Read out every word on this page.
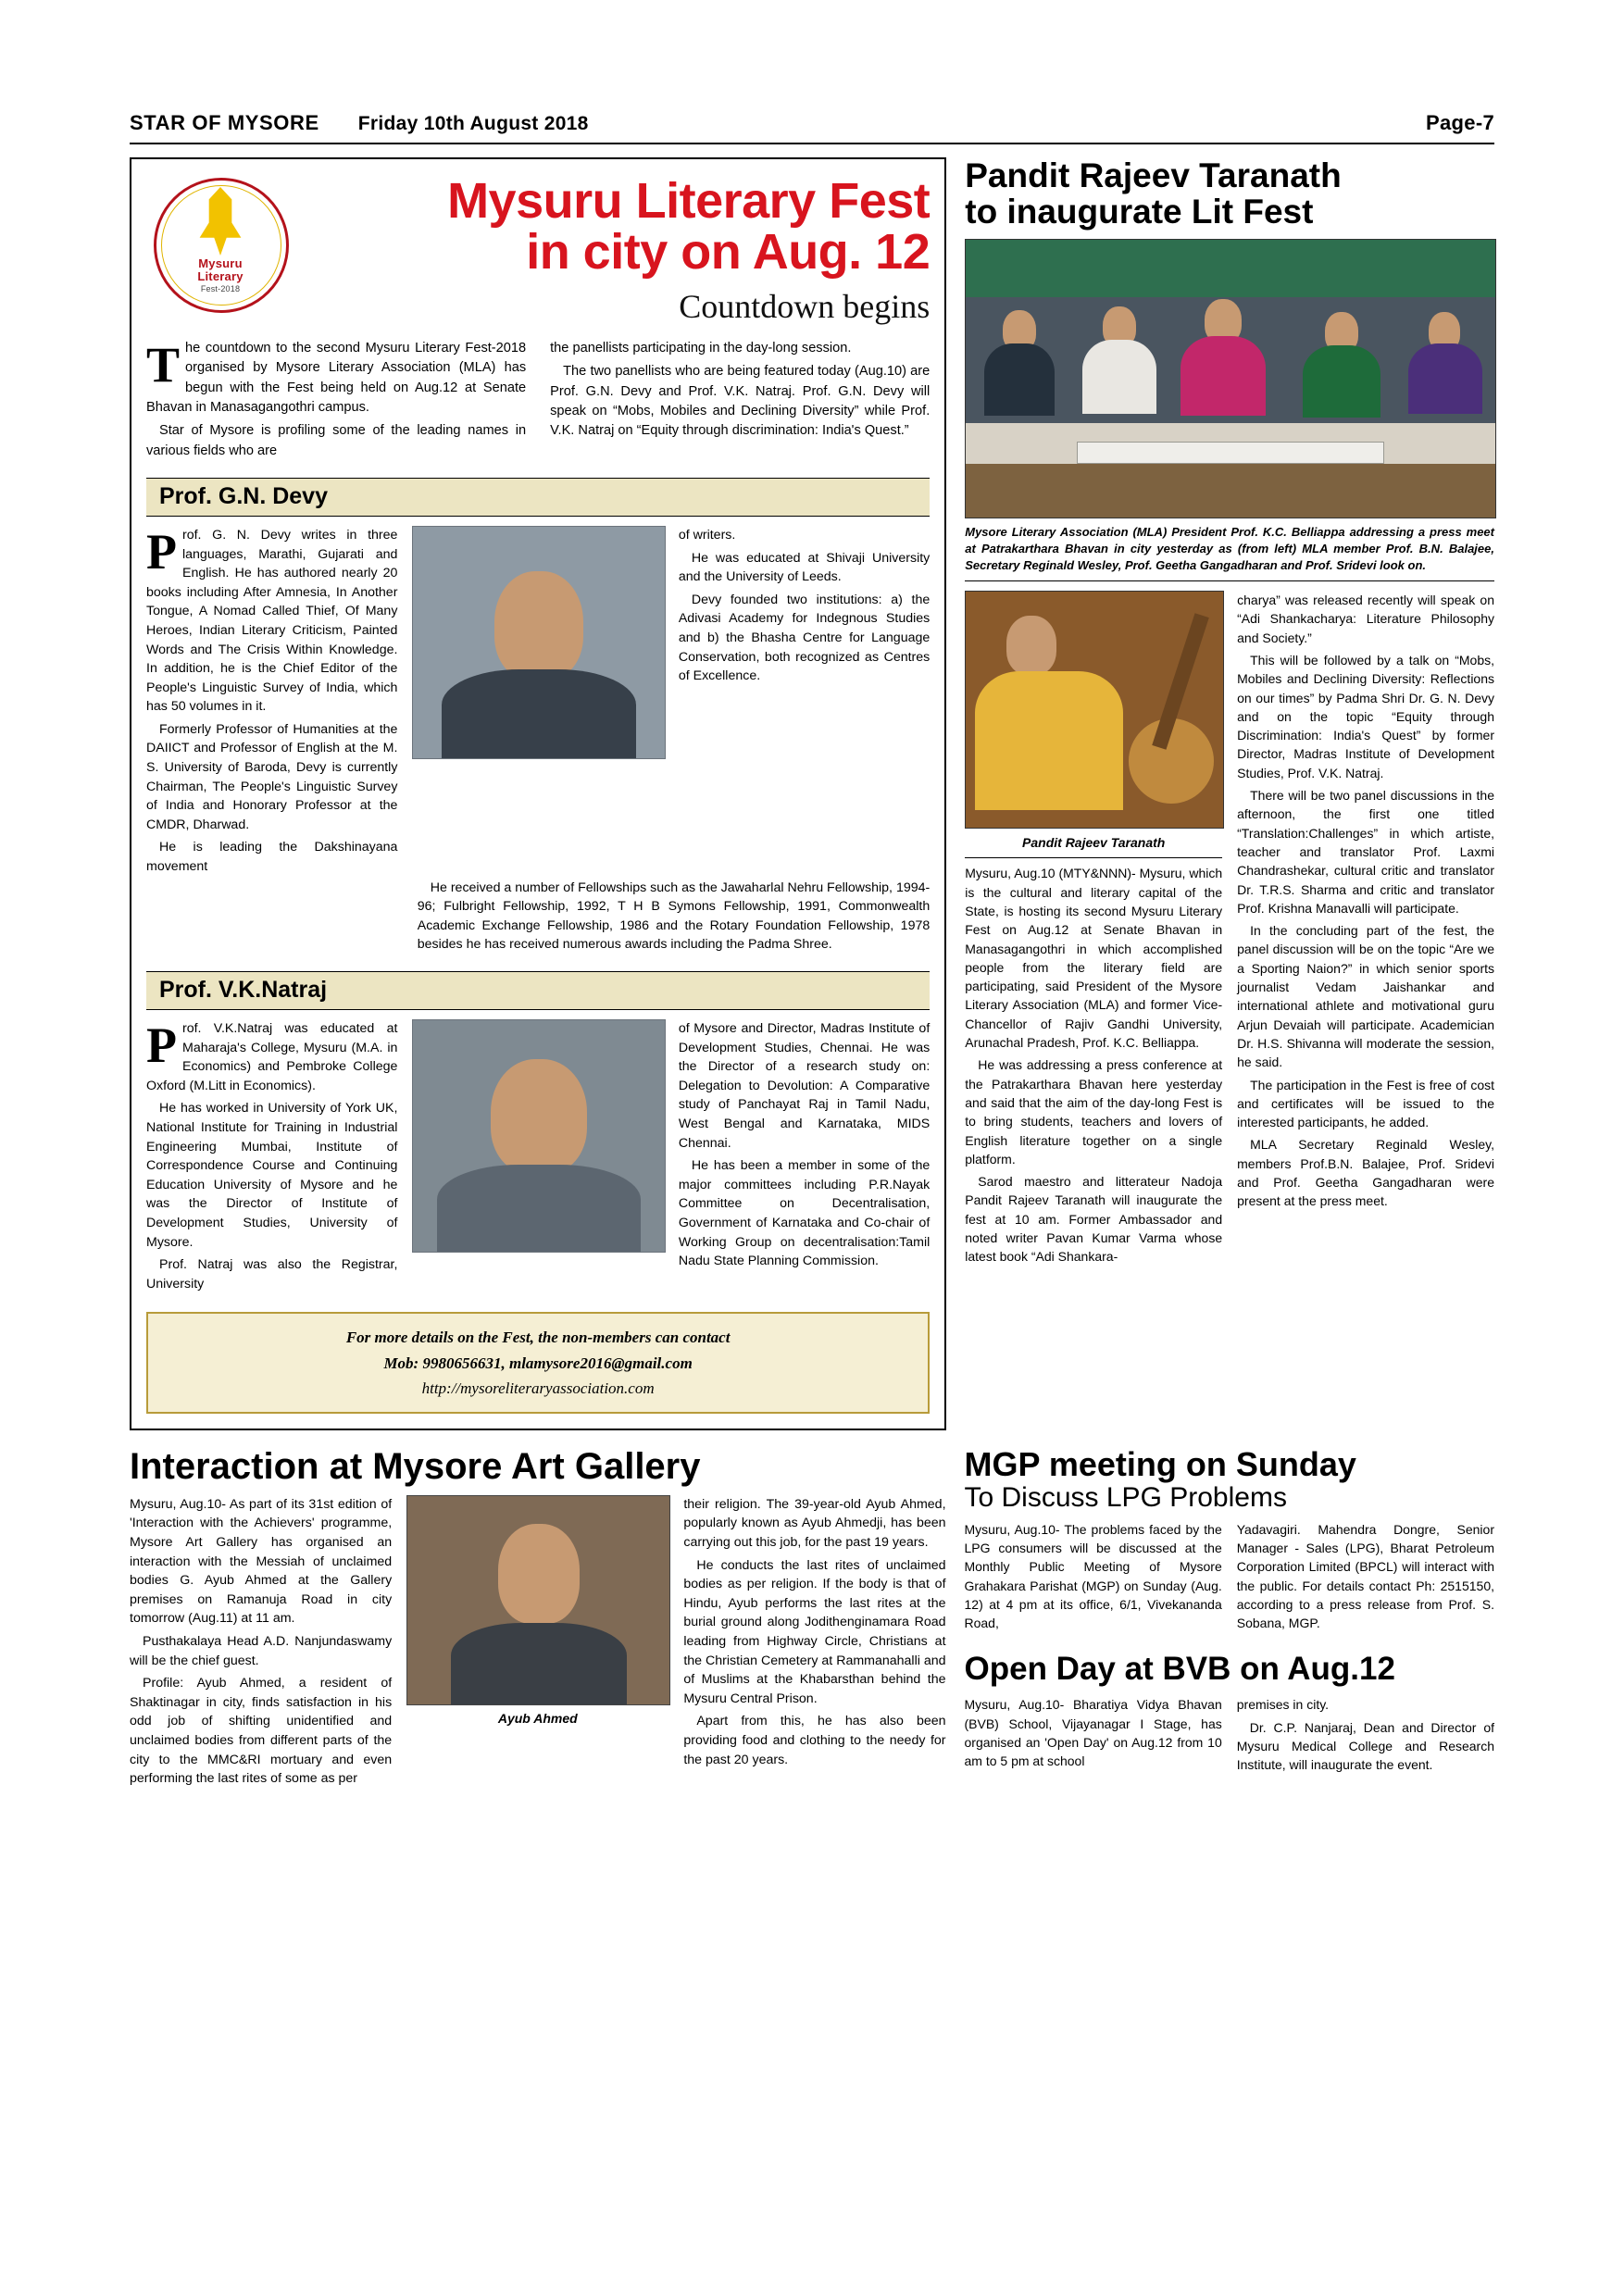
STAR OF MYSORE Friday 10th August 2018	Page-7
Mysuru
Literary
Fest-2018
Mysuru Literary Fest
in city on Aug. 12
Countdown begins

The countdown to the second Mysuru Literary Fest-2018 organised by Mysore Literary Association (MLA) has begun with the Fest being held on Aug.12 at Senate Bhavan in Manasagangothri campus.

Star of Mysore is profiling some of the leading names in various fields who are

the panellists participating in the day-long session.

The two panellists who are being featured today (Aug.10) are Prof. G.N. Devy and Prof. V.K. Natraj. Prof. G.N. Devy will speak on “Mobs, Mobiles and Declining Diversity” while Prof. V.K. Natraj on “Equity through discrimination: India's Quest.”

Prof. G.N. Devy

Prof. G. N. Devy writes in three languages, Marathi, Gujarati and English. He has authored nearly 20 books including After Amnesia, In Another Tongue, A Nomad Called Thief, Of Many Heroes, Indian Literary Criticism, Painted Words and The Crisis Within Knowledge. In addition, he is the Chief Editor of the People's Linguistic Survey of India, which has 50 volumes in it.

Formerly Professor of Humanities at the DAIICT and Professor of English at the M. S. University of Baroda, Devy is currently Chairman, The People's Linguistic Survey of India and Honorary Professor at the CMDR, Dharwad.

He is leading the Dakshinayana movement

of writers.

He was educated at Shivaji University and the University of Leeds.

Devy founded two institutions: a) the Adivasi Academy for Indegnous Studies and b) the Bhasha Centre for Language Conservation, both recognized as Centres of Excellence.

He received a number of Fellowships such as the Jawaharlal Nehru Fellowship, 1994-96; Fulbright Fellowship, 1992, T H B Symons Fellowship, 1991, Commonwealth Academic Exchange Fellowship, 1986 and the Rotary Foundation Fellowship, 1978 besides he has received numerous awards including the Padma Shree.

Prof. V.K.Natraj

Prof. V.K.Natraj was educated at Maharaja's College, Mysuru (M.A. in Economics) and Pembroke College Oxford (M.Litt in Economics).

He has worked in University of York UK, National Institute for Training in Industrial Engineering Mumbai, Institute of Correspondence Course and Continuing Education University of Mysore and he was the Director of Institute of Development Studies, University of Mysore.

Prof. Natraj was also the Registrar, University

of Mysore and Director, Madras Institute of Development Studies, Chennai. He was the Director of a research study on: Delegation to Devolution: A Comparative study of Panchayat Raj in Tamil Nadu, West Bengal and Karnataka, MIDS Chennai.

He has been a member in some of the major committees including P.R.Nayak Committee on Decentralisation, Government of Karnataka and Co-chair of Working Group on decentralisation:Tamil Nadu State Planning Commission.

For more details on the Fest, the non-members can contact
Mob: 9980656631, mlamysore2016@gmail.com
http://mysoreliteraryassociation.com
Pandit Rajeev Taranath
to inaugurate Lit Fest
Mysore Literary Association (MLA) President Prof. K.C. Belliappa addressing a press meet at Patrakarthara Bhavan in city yesterday as (from left) MLA member Prof. B.N. Balajee, Secretary Reginald Wesley, Prof. Geetha Gangadharan and Prof. Sridevi look on.
Pandit Rajeev Taranath

Mysuru, Aug.10 (MTY&NNN)- Mysuru, which is the cultural and literary capital of the State, is hosting its second Mysuru Literary Fest on Aug.12 at Senate Bhavan in Manasagangothri in which accomplished people from the literary field are participating, said President of the Mysore Literary Association (MLA) and former Vice-Chancellor of Rajiv Gandhi University, Arunachal Pradesh, Prof. K.C. Belliappa.

He was addressing a press conference at the Patrakarthara Bhavan here yesterday and said that the aim of the day-long Fest is to bring students, teachers and lovers of English literature together on a single platform.

Sarod maestro and litterateur Nadoja Pandit Rajeev Taranath will inaugurate the fest at 10 am. Former Ambassador and noted writer Pavan Kumar Varma whose latest book “Adi Shankara-

charya” was released recently will speak on “Adi Shankacharya: Literature Philosophy and Society.”

This will be followed by a talk on “Mobs, Mobiles and Declining Diversity: Reflections on our times” by Padma Shri Dr. G. N. Devy and on the topic “Equity through Discrimination: India's Quest” by former Director, Madras Institute of Development Studies, Prof. V.K. Natraj.

There will be two panel discussions in the afternoon, the first one titled “Translation:Challenges” in which artiste, teacher and translator Prof. Laxmi Chandrashekar, cultural critic and translator Dr. T.R.S. Sharma and critic and translator Prof. Krishna Manavalli will participate.

In the concluding part of the fest, the panel discussion will be on the topic “Are we a Sporting Naion?” in which senior sports journalist Vedam Jaishankar and international athlete and motivational guru Arjun Devaiah will participate. Academician Dr. H.S. Shivanna will moderate the session, he said.

The participation in the Fest is free of cost and certificates will be issued to the interested participants, he added.

MLA Secretary Reginald Wesley, members Prof.B.N. Balajee, Prof. Sridevi and Prof. Geetha Gangadharan were present at the press meet.

Interaction at Mysore Art Gallery

Mysuru, Aug.10- As part of its 31st edition of 'Interaction with the Achievers' programme, Mysore Art Gallery has organised an interaction with the Messiah of unclaimed bodies G. Ayub Ahmed at the Gallery premises on Ramanuja Road in city tomorrow (Aug.11) at 11 am.

Pusthakalaya Head A.D. Nanjundaswamy will be the chief guest.

Profile: Ayub Ahmed, a resident of Shaktinagar in city, finds satisfaction in his odd job of shifting unidentified and unclaimed bodies from different parts of the city to the MMC&RI mortuary and even performing the last rites of some as per

Ayub Ahmed

their religion. The 39-year-old Ayub Ahmed, popularly known as Ayub Ahmedji, has been carrying out this job, for the past 19 years.

He conducts the last rites of unclaimed bodies as per religion. If the body is that of Hindu, Ayub performs the last rites at the burial ground along Jodithenginamara Road leading from Highway Circle, Christians at the Christian Cemetery at Rammanahalli and of Muslims at the Khabarsthan behind the Mysuru Central Prison.

Apart from this, he has also been providing food and clothing to the needy for the past 20 years.

MGP meeting on Sunday
To Discuss LPG Problems

Mysuru, Aug.10- The problems faced by the LPG consumers will be discussed at the Monthly Public Meeting of Mysore Grahakara Parishat (MGP) on Sunday (Aug. 12) at 4 pm at its office, 6/1, Vivekananda Road,

Yadavagiri. Mahendra Dongre, Senior Manager - Sales (LPG), Bharat Petroleum Corporation Limited (BPCL) will interact with the public. For details contact Ph: 2515150, according to a press release from Prof. S. Sobana, MGP.

Open Day at BVB on Aug.12

Mysuru, Aug.10- Bharatiya Vidya Bhavan (BVB) School, Vijayanagar I Stage, has organised an 'Open Day' on Aug.12 from 10 am to 5 pm at school

premises in city.

Dr. C.P. Nanjaraj, Dean and Director of Mysuru Medical College and Research Institute, will inaugurate the event.
